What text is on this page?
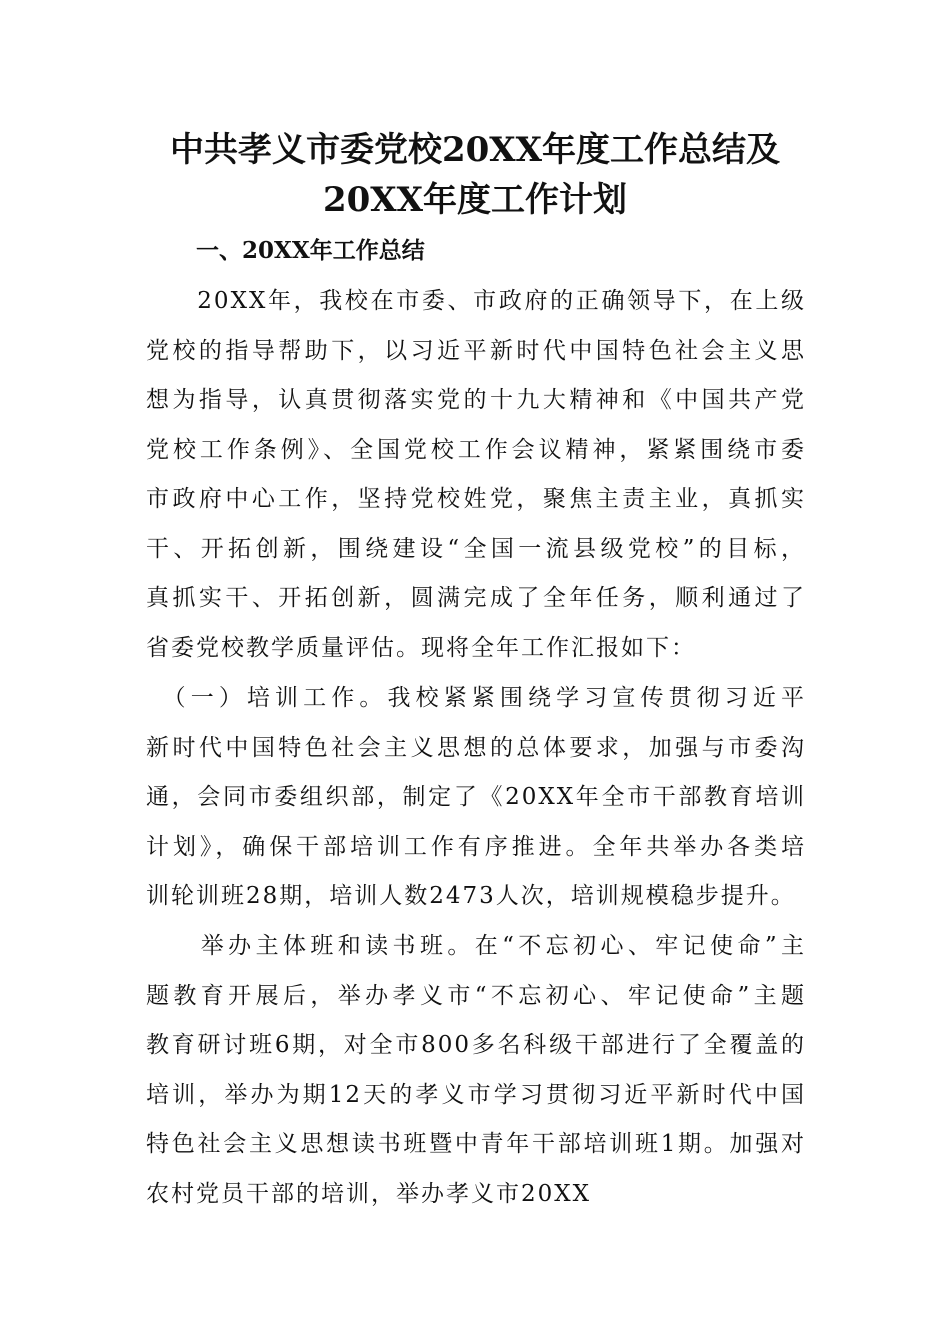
中共孝义市委党校20XX年度工作总结及
20XX年度工作计划
一、20XX年工作总结
　　20XX年，我校在市委、市政府的正确领导下，在上级
党校的指导帮助下，以习近平新时代中国特色社会主义思
想为指导，认真贯彻落实党的十九大精神和《中国共产党
党校工作条例》、全国党校工作会议精神，紧紧围绕市委
市政府中心工作，坚持党校姓党，聚焦主责主业，真抓实
干、开拓创新，围绕建设“全国一流县级党校”的目标，
真抓实干、开拓创新，圆满完成了全年任务，顺利通过了
省委党校教学质量评估。现将全年工作汇报如下：
　（一）培训工作。我校紧紧围绕学习宣传贯彻习近平
新时代中国特色社会主义思想的总体要求，加强与市委沟
通，会同市委组织部，制定了《20XX年全市干部教育培训
计划》，确保干部培训工作有序推进。全年共举办各类培
训轮训班28期，培训人数2473人次，培训规模稳步提升。
　　举办主体班和读书班。在“不忘初心、牢记使命”主
题教育开展后，举办孝义市“不忘初心、牢记使命”主题
教育研讨班6期，对全市800多名科级干部进行了全覆盖的
培训，举办为期12天的孝义市学习贯彻习近平新时代中国
特色社会主义思想读书班暨中青年干部培训班1期。加强对
农村党员干部的培训，举办孝义市20XX
